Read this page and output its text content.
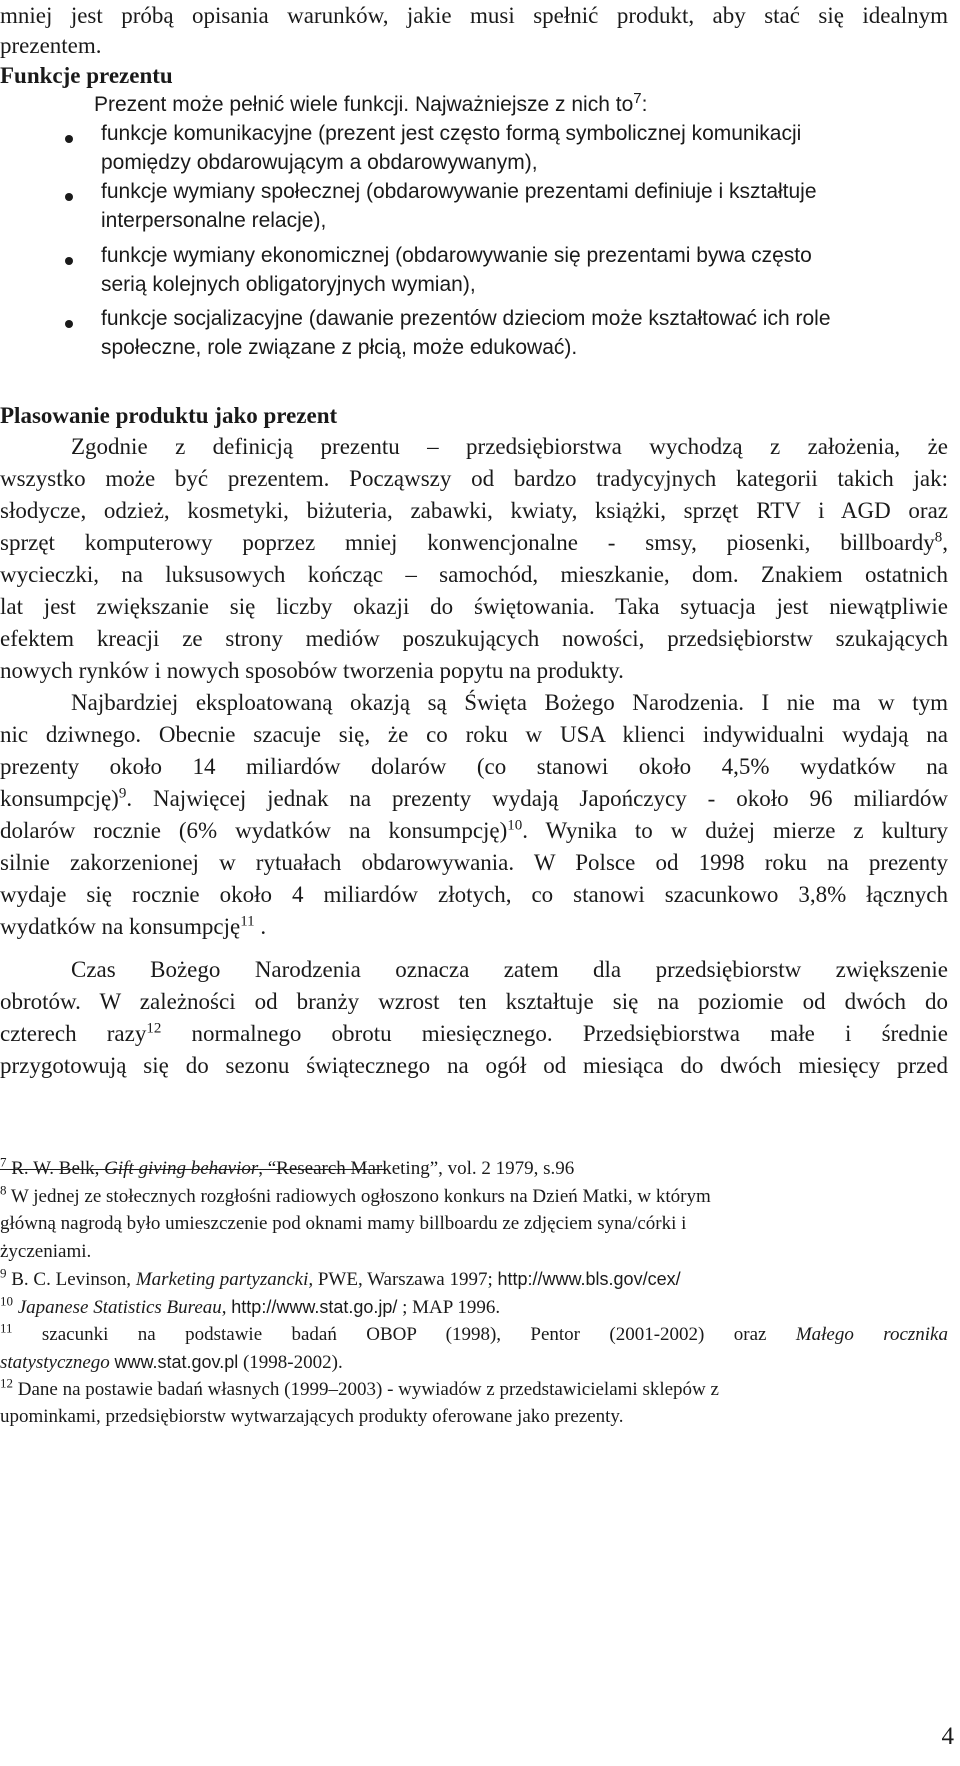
mniej jest próbą opisania warunków, jakie musi spełnić produkt, aby stać się idealnym
prezentem.
Funkcje prezentu
Prezent może pełnić wiele funkcji. Najważniejsze z nich $to^7$:
funkcje komunikacyjne (prezent jest często formą symbolicznej komunikacji
pomiędzy obdarowującym a obdarowywanym),
funkcje wymiany społecznej (obdarowywanie prezentami definiuje i kształtuje
interpersonalne relacje),
funkcje wymiany ekonomicznej (obdarowywanie się prezentami bywa często
serią kolejnych obligatoryjnych wymian),
funkcje socjalizacyjne (dawanie prezentów dzieciom może kształtować ich role
społeczne, role związane z płcią, może edukować).
Plasowanie produktu jako prezent
Zgodnie z definicją prezentu – przedsiębiorstwa wychodzą z założenia, że
wszystko może być prezentem. Począwszy od bardzo tradycyjnych kategorii takich jak:
słodycze, odzież, kosmetyki, biżuteria, zabawki, kwiaty, książki, sprzęt RTV i AGD oraz
sprzęt komputerowy poprzez mniej konwencjonalne - smsy, piosenki, billboardy$^8$,
wycieczki, na luksusowych kończąc – samochód, mieszkanie, dom. Znakiem ostatnich
lat jest zwiększanie się liczby okazji do świętowania. Taka sytuacja jest niewątpliwie
efektem kreacji ze strony mediów poszukujących nowości, przedsiębiorstw szukających
nowych rynków i nowych sposobów tworzenia popytu na produkty.
Najbardziej eksploatowaną okazją są Święta Bożego Narodzenia. I nie ma w tym
nic dziwnego. Obecnie szacuje się, że co roku w USA klienci indywidualni wydają na
prezenty około 14 miliardów dolarów (co stanowi około 4,5% wydatków na
konsumpcję)$^9$. Najwięcej jednak na prezenty wydają Japończycy - około 96 miliardów
dolarów rocznie (6% wydatków na konsumpcję)$^{10}$. Wynika to w dużej mierze z kultury
silnie zakorzenionej w rytuałach obdarowywania. W Polsce od 1998 roku na prezenty
wydaje się rocznie około 4 miliardów złotych, co stanowi szacunkowo 3,8% łącznych
wydatków na konsumpcję$^{11}$ .
Czas Bożego Narodzenia oznacza zatem dla przedsiębiorstw zwiększenie
obrotów. W zależności od branży wzrost ten kształtuje się na poziomie od dwóch do
czterech razy$^{12}$ normalnego obrotu miesięcznego. Przedsiębiorstwa małe i średnie
przygotowują się do sezonu świątecznego na ogół od miesiąca do dwóch miesięcy przed
$^7$ R. W. Belk, Gift giving behavior, “Research Marketing”, vol. 2 1979, s.96
$^8$ W jednej ze stołecznych rozgłośni radiowych ogłoszono konkurs na Dzień Matki, w którym
główną nagrodą było umieszczenie pod oknami mamy billboardu ze zdjęciem syna/córki i
życzeniami.
$^9$ B. C. Levinson, Marketing partyzancki, PWE, Warszawa 1997; http://www.bls.gov/cex/
$^{10}$ Japanese Statistics Bureau, http://www.stat.go.jp/ ; MAP 1996.
$^{11}$ szacunki na podstawie badań OBOP (1998), Pentor (2001-2002) oraz Małego rocznika
statystycznego www.stat.gov.pl (1998-2002).
$^{12}$ Dane na postawie badań własnych (1999–2003) - wywiadów z przedstawicielami sklepów z
upominkami, przedsiębiorstw wytwarzających produkty oferowane jako prezenty.
4
